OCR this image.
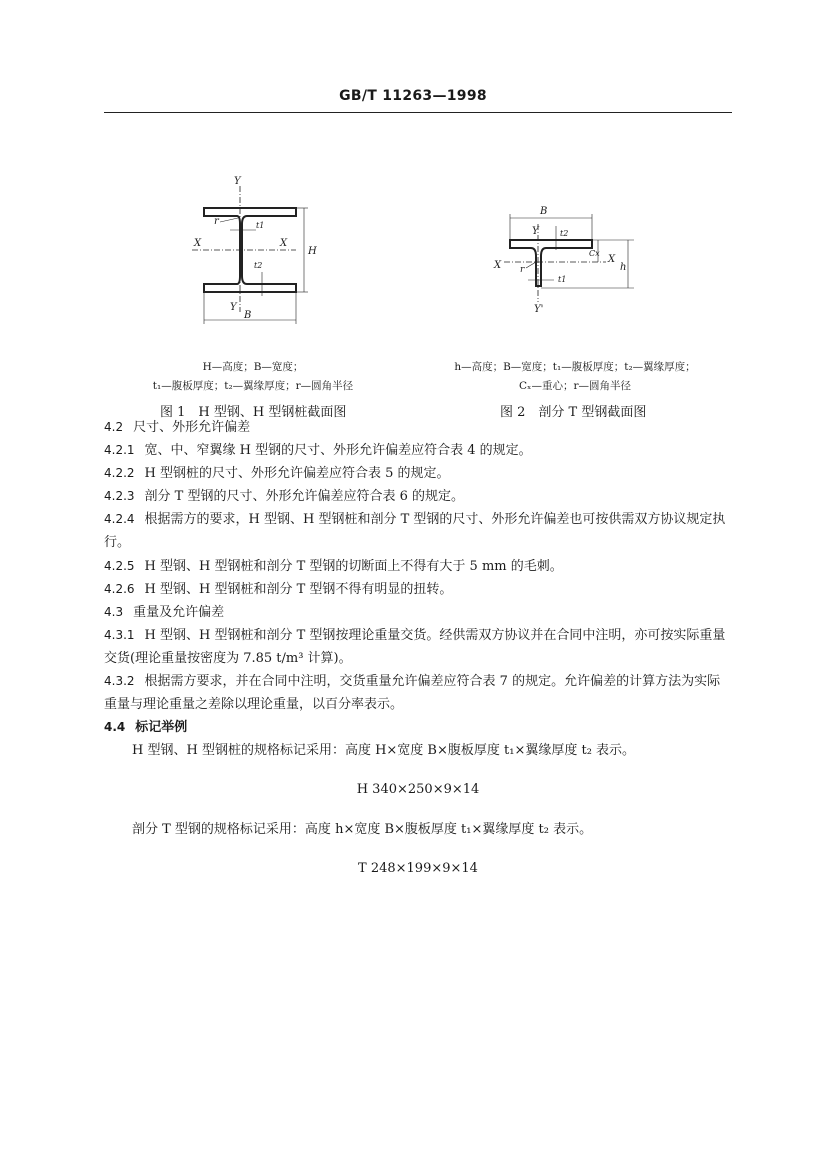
GB/T 11263—1998
Y
Y
X	X
r	t1
t2
H
B
B
Y
Y'
X
X
r
t2
t1
Cx
h
H—高度；B—宽度；
t₁—腹板厚度；t₂—翼缘厚度；r—圆角半径
图 1　H 型钢、H 型钢桩截面图
h—高度；B—宽度；t₁—腹板厚度；t₂—翼缘厚度；
Cₓ—重心；r—圆角半径
图 2　剖分 T 型钢截面图

4.2 尺寸、外形允许偏差

4.2.1 宽、中、窄翼缘 H 型钢的尺寸、外形允许偏差应符合表 4 的规定。

4.2.2 H 型钢桩的尺寸、外形允许偏差应符合表 5 的规定。

4.2.3 剖分 T 型钢的尺寸、外形允许偏差应符合表 6 的规定。

4.2.4 根据需方的要求，H 型钢、H 型钢桩和剖分 T 型钢的尺寸、外形允许偏差也可按供需双方协议规定执行。

4.2.5 H 型钢、H 型钢桩和剖分 T 型钢的切断面上不得有大于 5 mm 的毛刺。

4.2.6 H 型钢、H 型钢桩和剖分 T 型钢不得有明显的扭转。

4.3 重量及允许偏差

4.3.1 H 型钢、H 型钢桩和剖分 T 型钢按理论重量交货。经供需双方协议并在合同中注明，亦可按实际重量交货(理论重量按密度为 7.85 t/m³ 计算)。

4.3.2 根据需方要求，并在合同中注明，交货重量允许偏差应符合表 7 的规定。允许偏差的计算方法为实际重量与理论重量之差除以理论重量，以百分率表示。

4.4 标记举例

H 型钢、H 型钢桩的规格标记采用：高度 H×宽度 B×腹板厚度 t₁×翼缘厚度 t₂ 表示。

H 340×250×9×14

剖分 T 型钢的规格标记采用：高度 h×宽度 B×腹板厚度 t₁×翼缘厚度 t₂ 表示。

T 248×199×9×14
